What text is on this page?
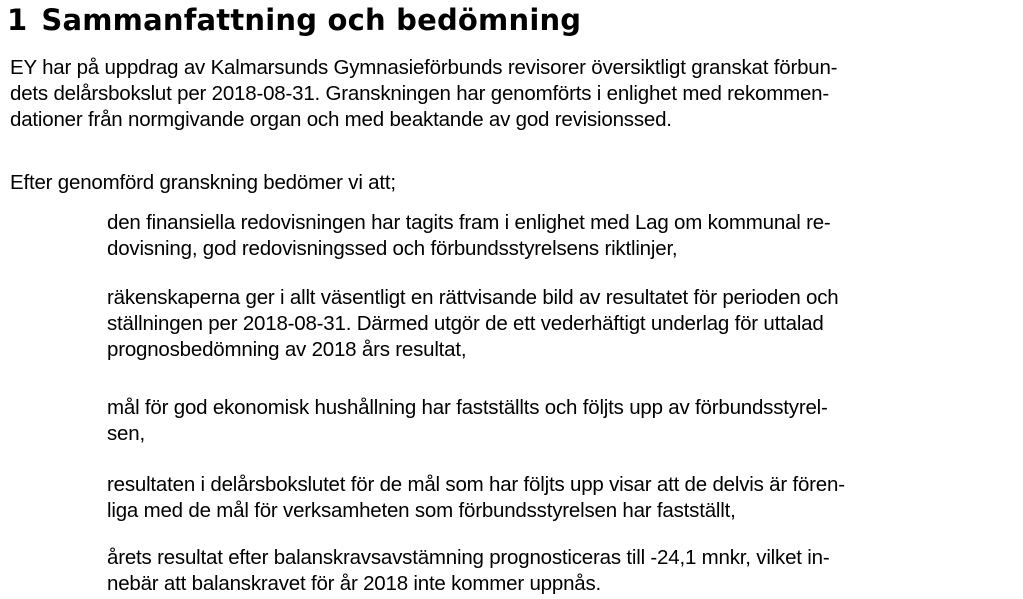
1 Sammanfattning och bedömning

EY har på uppdrag av Kalmarsunds Gymnasieförbunds revisorer översiktligt granskat förbun-
dets delårsbokslut per 2018-08-31. Granskningen har genomförts i enlighet med rekommen-
dationer från normgivande organ och med beaktande av god revisionssed.

Efter genomförd granskning bedömer vi att;

den finansiella redovisningen har tagits fram i enlighet med Lag om kommunal re-
dovisning, god redovisningssed och förbundsstyrelsens riktlinjer,
räkenskaperna ger i allt väsentligt en rättvisande bild av resultatet för perioden och
ställningen per 2018-08-31. Därmed utgör de ett vederhäftigt underlag för uttalad
prognosbedömning av 2018 års resultat,
mål för god ekonomisk hushållning har fastställts och följts upp av förbundsstyrel-
sen,
resultaten i delårsbokslutet för de mål som har följts upp visar att de delvis är fören-
liga med de mål för verksamheten som förbundsstyrelsen har fastställt,
årets resultat efter balanskravsavstämning prognosticeras till -24,1 mnkr, vilket in-
nebär att balanskravet för år 2018 inte kommer uppnås.
